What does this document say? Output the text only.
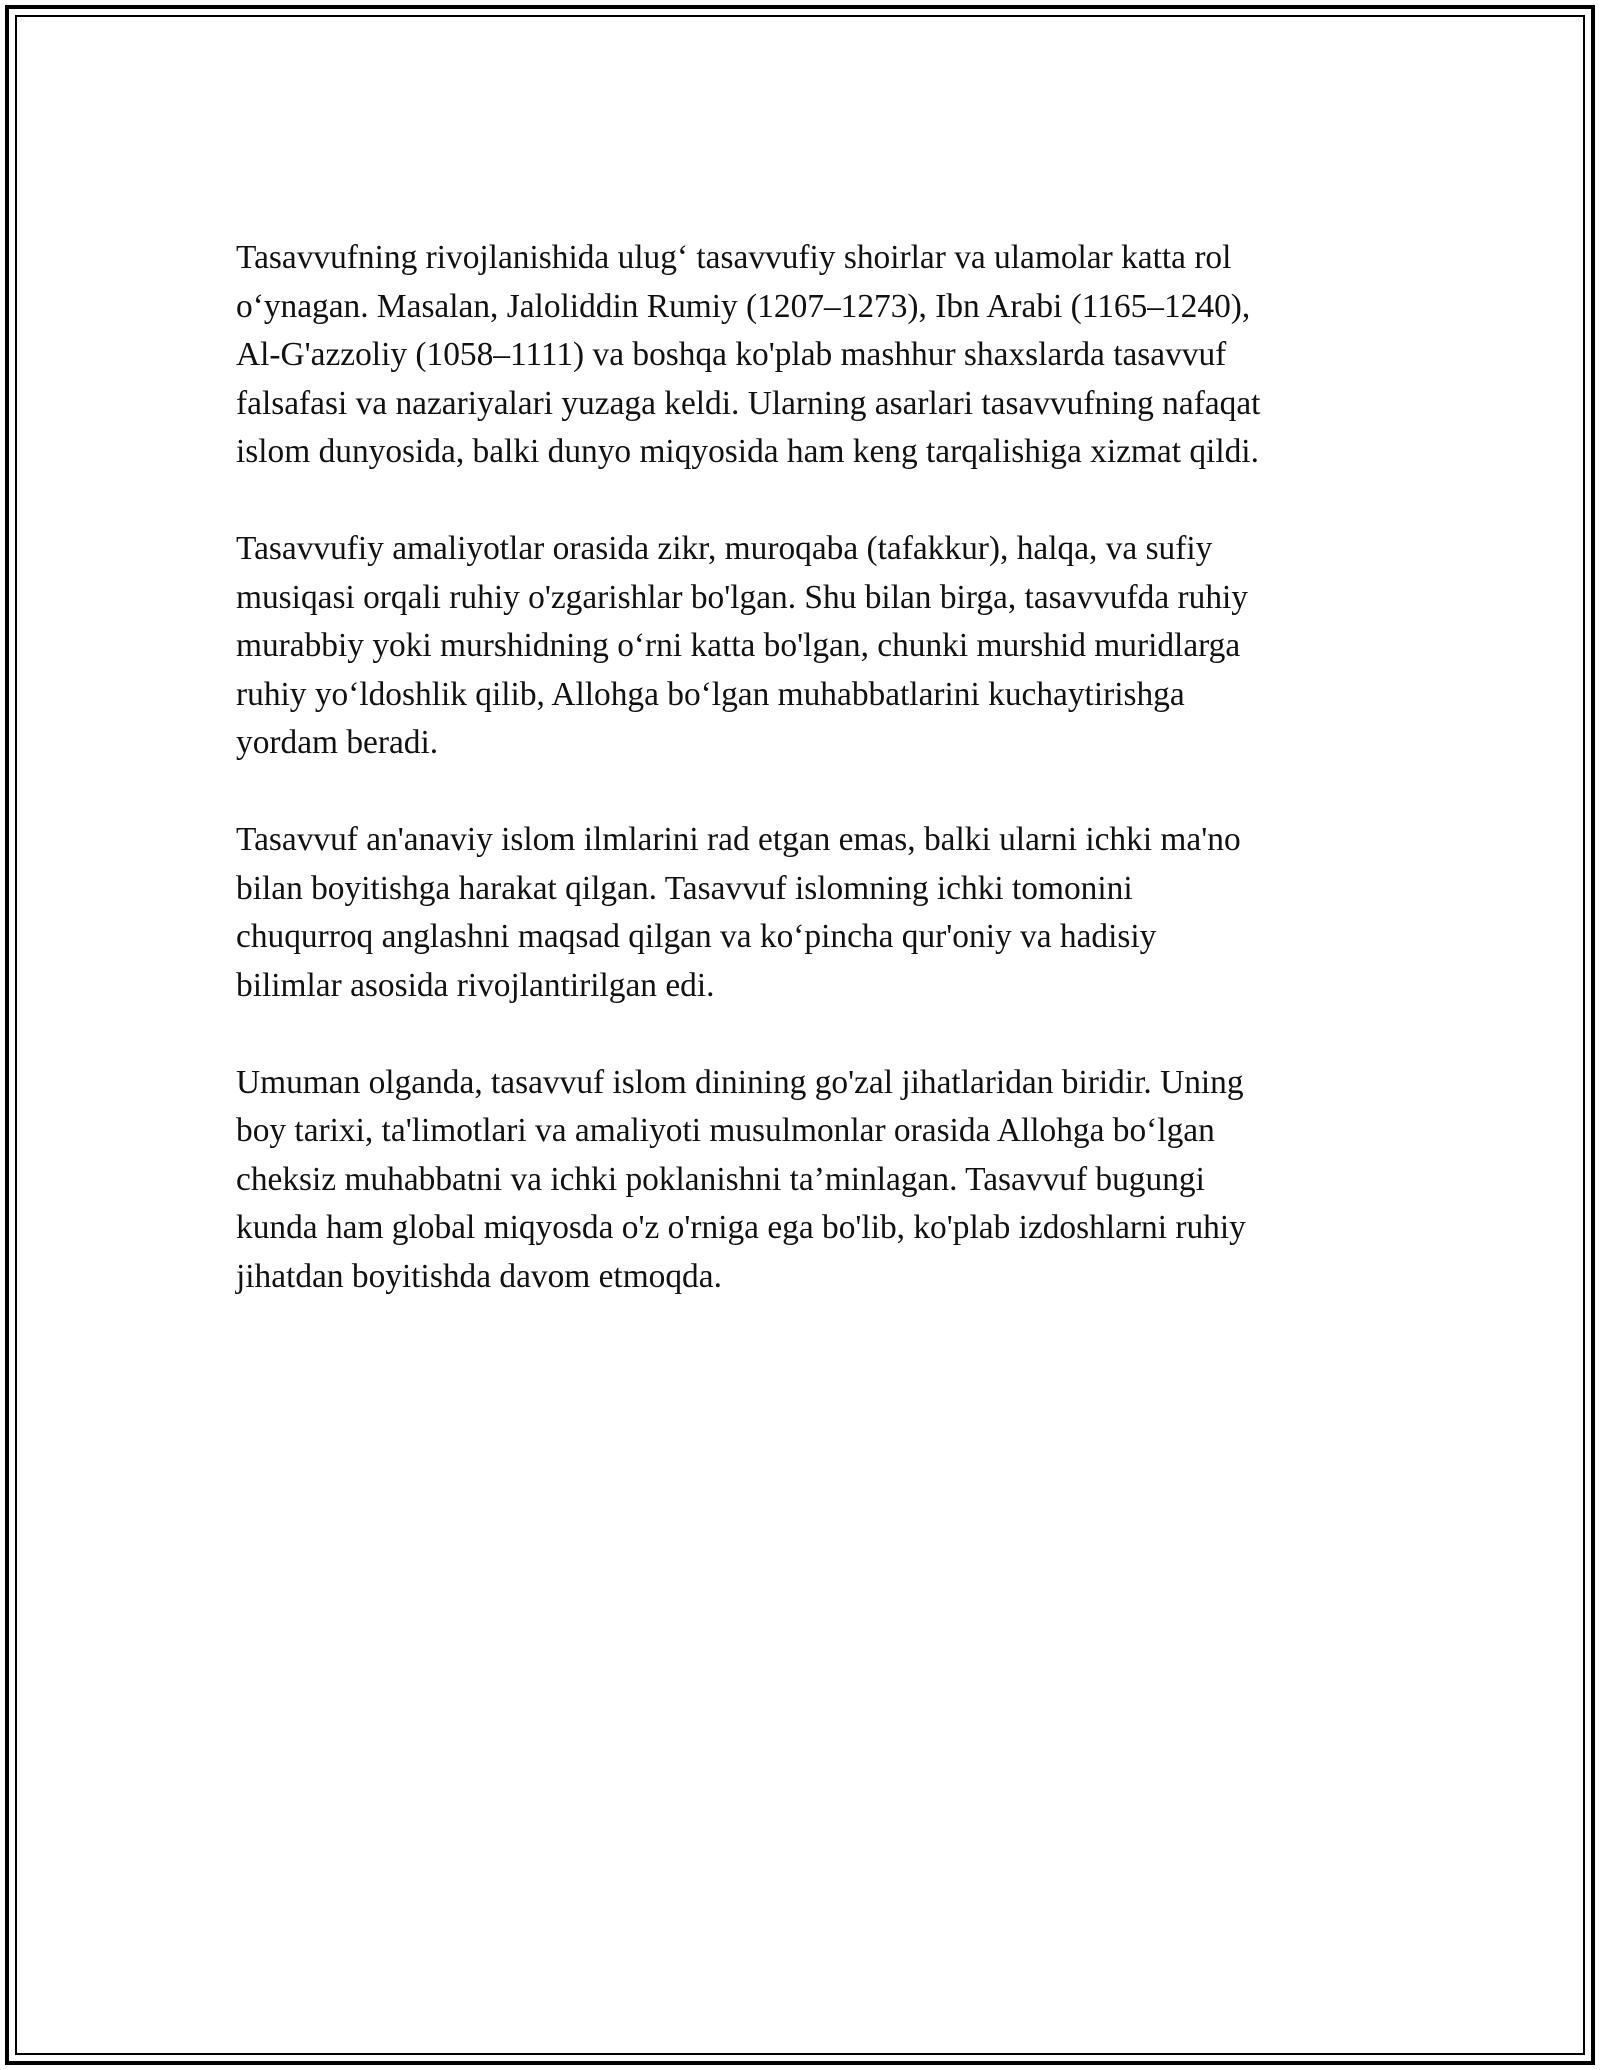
Tasavvufning rivojlanishida ulug‘ tasavvufiy shoirlar va ulamolar katta rol
o‘ynagan. Masalan, Jaloliddin Rumiy (1207–1273), Ibn Arabi (1165–1240),
Al-G'azzoliy (1058–1111) va boshqa ko'plab mashhur shaxslarda tasavvuf
falsafasi va nazariyalari yuzaga keldi. Ularning asarlari tasavvufning nafaqat
islom dunyosida, balki dunyo miqyosida ham keng tarqalishiga xizmat qildi.

Tasavvufiy amaliyotlar orasida zikr, muroqaba (tafakkur), halqa, va sufiy
musiqasi orqali ruhiy o'zgarishlar bo'lgan. Shu bilan birga, tasavvufda ruhiy
murabbiy yoki murshidning o‘rni katta bo'lgan, chunki murshid muridlarga
ruhiy yo‘ldoshlik qilib, Allohga bo‘lgan muhabbatlarini kuchaytirishga
yordam beradi.

Tasavvuf an'anaviy islom ilmlarini rad etgan emas, balki ularni ichki ma'no
bilan boyitishga harakat qilgan. Tasavvuf islomning ichki tomonini
chuqurroq anglashni maqsad qilgan va ko‘pincha qur'oniy va hadisiy
bilimlar asosida rivojlantirilgan edi.

Umuman olganda, tasavvuf islom dinining go'zal jihatlaridan biridir. Uning
boy tarixi, ta'limotlari va amaliyoti musulmonlar orasida Allohga bo‘lgan
cheksiz muhabbatni va ichki poklanishni ta’minlagan. Tasavvuf bugungi
kunda ham global miqyosda o'z o'rniga ega bo'lib, ko'plab izdoshlarni ruhiy
jihatdan boyitishda davom etmoqda.
